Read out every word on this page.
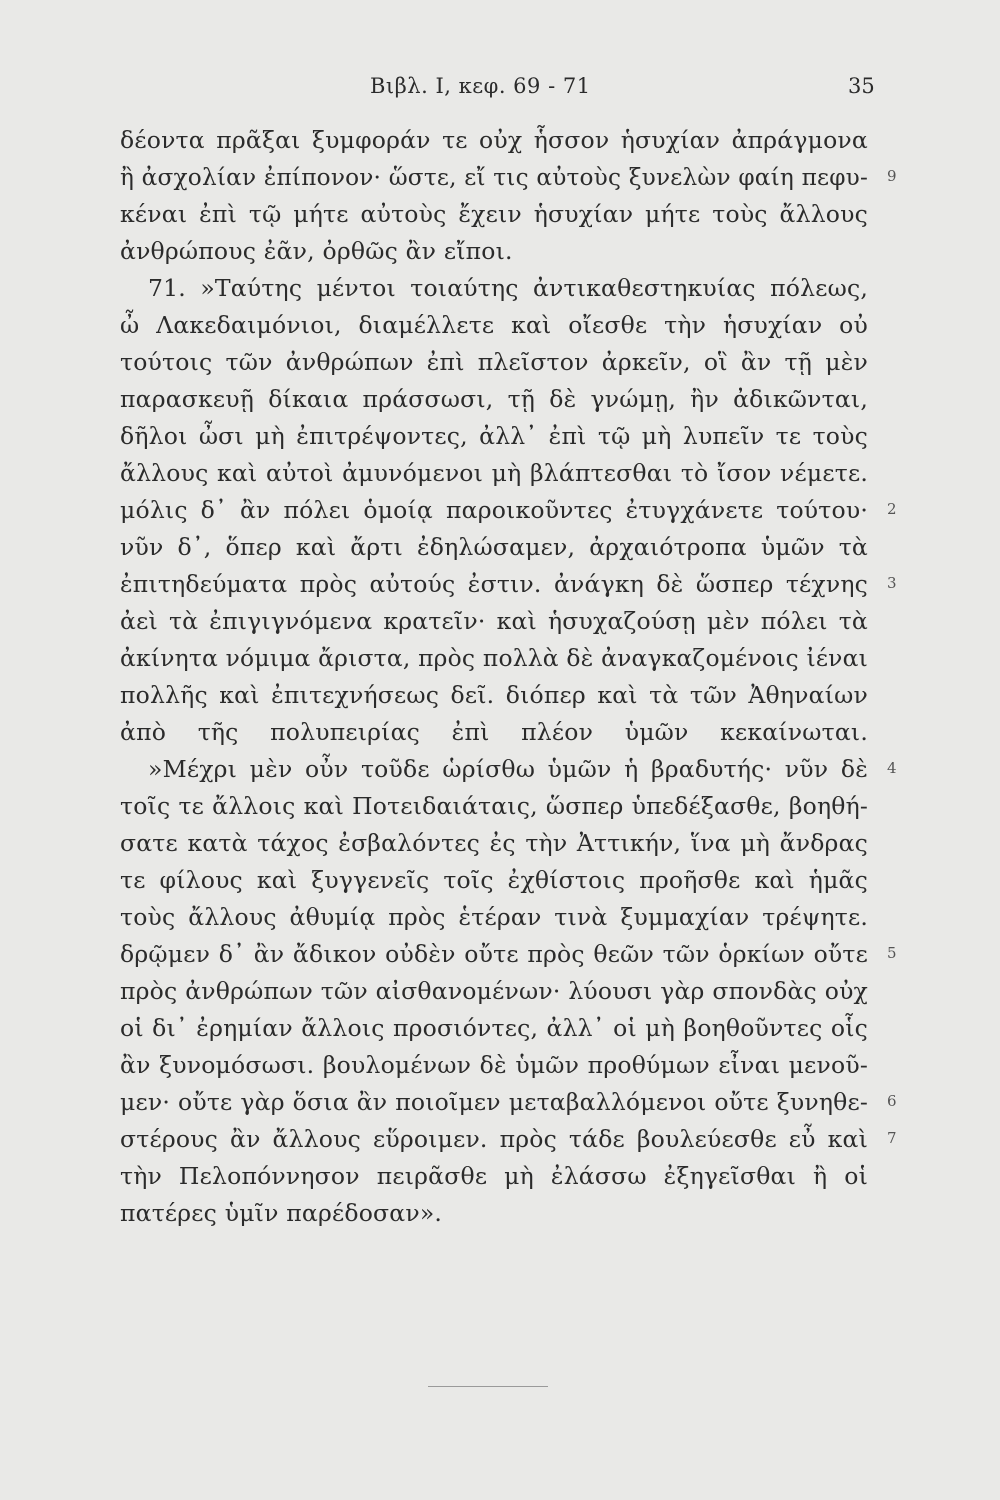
Βιβλ. Ι, κεφ. 69 - 71	35
δέοντα πρᾶξαι ξυμφοράν τε οὐχ ἧσσον ἡσυχίαν ἀπράγμονα
ἢ ἀσχολίαν ἐπίπονον· ὥστε, εἴ τις αὐτοὺς ξυνελὼν φαίη πεφυ- 9
κέναι ἐπὶ τῷ μήτε αὐτοὺς ἔχειν ἡσυχίαν μήτε τοὺς ἄλλους
ἀνθρώπους ἐᾶν, ὀρθῶς ἂν εἴποι.
71. »Ταύτης μέντοι τοιαύτης ἀντικαθεστηκυίας πόλεως,
ὦ Λακεδαιμόνιοι, διαμέλλετε καὶ οἴεσθε τὴν ἡσυχίαν οὐ
τούτοις τῶν ἀνθρώπων ἐπὶ πλεῖστον ἀρκεῖν, οἳ ἂν τῇ μὲν
παρασκευῇ δίκαια πράσσωσι, τῇ δὲ γνώμῃ, ἢν ἀδικῶνται,
δῆλοι ὦσι μὴ ἐπιτρέψοντες, ἀλλ᾽ ἐπὶ τῷ μὴ λυπεῖν τε τοὺς
ἄλλους καὶ αὐτοὶ ἀμυνόμενοι μὴ βλάπτεσθαι τὸ ἴσον νέμετε.
μόλις δ᾽ ἂν πόλει ὁμοίᾳ παροικοῦντες ἐτυγχάνετε τούτου· 2
νῦν δ᾽, ὅπερ καὶ ἄρτι ἐδηλώσαμεν, ἀρχαιότροπα ὑμῶν τὰ
ἐπιτηδεύματα πρὸς αὐτούς ἐστιν. ἀνάγκη δὲ ὥσπερ τέχνης 3
ἀεὶ τὰ ἐπιγιγνόμενα κρατεῖν· καὶ ἡσυχαζούσῃ μὲν πόλει τὰ
ἀκίνητα νόμιμα ἄριστα, πρὸς πολλὰ δὲ ἀναγκαζομένοις ἰέναι
πολλῆς καὶ ἐπιτεχνήσεως δεῖ. διόπερ καὶ τὰ τῶν Ἀθηναίων
ἀπὸ τῆς πολυπειρίας ἐπὶ πλέον ὑμῶν κεκαίνωται.
»Μέχρι μὲν οὖν τοῦδε ὡρίσθω ὑμῶν ἡ βραδυτής· νῦν δὲ 4
τοῖς τε ἄλλοις καὶ Ποτειδαιάταις, ὥσπερ ὑπεδέξασθε, βοηθή-
σατε κατὰ τάχος ἐσβαλόντες ἐς τὴν Ἀττικήν, ἵνα μὴ ἄνδρας
τε φίλους καὶ ξυγγενεῖς τοῖς ἐχθίστοις προῆσθε καὶ ἡμᾶς
τοὺς ἄλλους ἀθυμίᾳ πρὸς ἑτέραν τινὰ ξυμμαχίαν τρέψητε.
δρῷμεν δ᾽ ἂν ἄδικον οὐδὲν οὔτε πρὸς θεῶν τῶν ὁρκίων οὔτε 5
πρὸς ἀνθρώπων τῶν αἰσθανομένων· λύουσι γὰρ σπονδὰς οὐχ
οἱ δι᾽ ἐρημίαν ἄλλοις προσιόντες, ἀλλ᾽ οἱ μὴ βοηθοῦντες οἷς
ἂν ξυνομόσωσι. βουλομένων δὲ ὑμῶν προθύμων εἶναι μενοῦ-
μεν· οὔτε γὰρ ὅσια ἂν ποιοῖμεν μεταβαλλόμενοι οὔτε ξυνηθε- 6
στέρους ἂν ἄλλους εὕροιμεν. πρὸς τάδε βουλεύεσθε εὖ καὶ 7
τὴν Πελοπόννησον πειρᾶσθε μὴ ἐλάσσω ἐξηγεῖσθαι ἢ οἱ
πατέρες ὑμῖν παρέδοσαν».
